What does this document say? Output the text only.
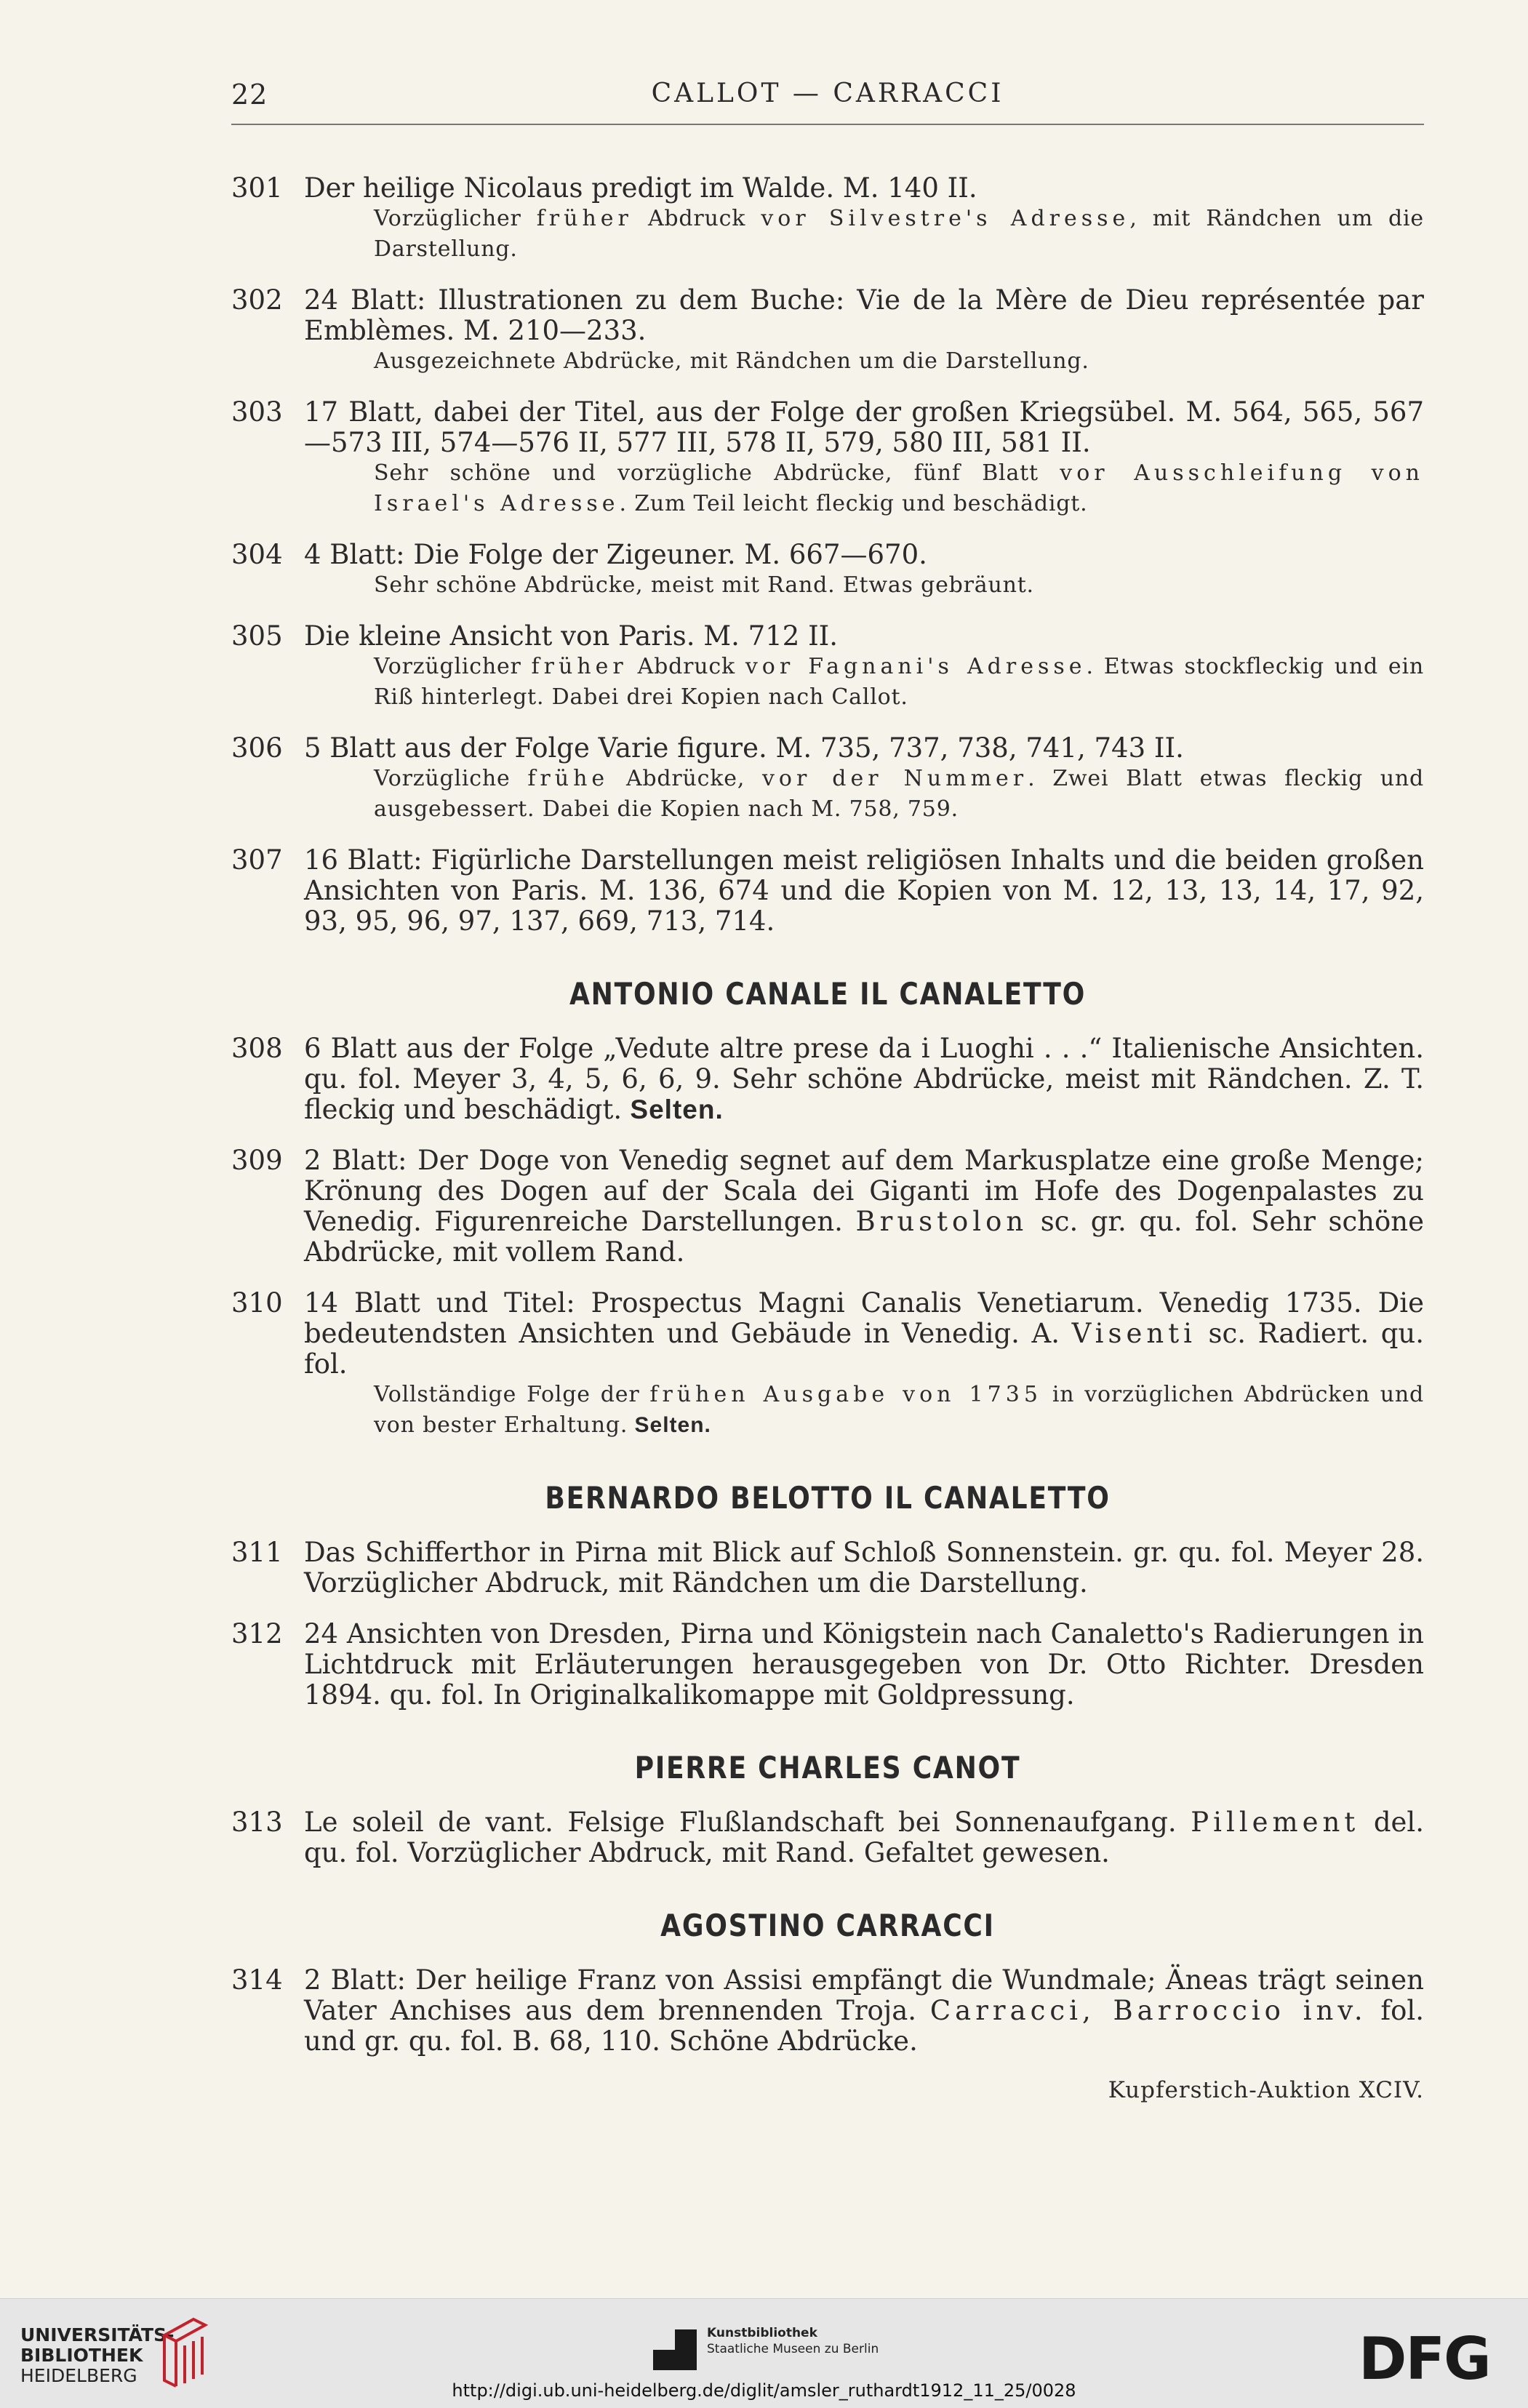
22	CALLOT — CARRACCI
301 Der heilige Nicolaus predigt im Walde. M. 140 II.
Vorzüglicher früher Abdruck vor Silvestre's Adresse, mit Rändchen um die Darstellung.
302 24 Blatt: Illustrationen zu dem Buche: Vie de la Mère de Dieu représentée par Emblèmes. M. 210—233.
Ausgezeichnete Abdrücke, mit Rändchen um die Darstellung.
303 17 Blatt, dabei der Titel, aus der Folge der großen Kriegsübel. M. 564, 565, 567—573 III, 574—576 II, 577 III, 578 II, 579, 580 III, 581 II.
Sehr schöne und vorzügliche Abdrücke, fünf Blatt vor Ausschleifung von Israel's Adresse. Zum Teil leicht fleckig und beschädigt.
304 4 Blatt: Die Folge der Zigeuner. M. 667—670.
Sehr schöne Abdrücke, meist mit Rand. Etwas gebräunt.
305 Die kleine Ansicht von Paris. M. 712 II.
Vorzüglicher früher Abdruck vor Fagnani's Adresse. Etwas stockfleckig und ein Riß hinterlegt. Dabei drei Kopien nach Callot.
306 5 Blatt aus der Folge Varie figure. M. 735, 737, 738, 741, 743 II.
Vorzügliche frühe Abdrücke, vor der Nummer. Zwei Blatt etwas fleckig und ausgebessert. Dabei die Kopien nach M. 758, 759.
307 16 Blatt: Figürliche Darstellungen meist religiösen Inhalts und die beiden großen Ansichten von Paris. M. 136, 674 und die Kopien von M. 12, 13, 13, 14, 17, 92, 93, 95, 96, 97, 137, 669, 713, 714.
ANTONIO CANALE IL CANALETTO
308 6 Blatt aus der Folge „Vedute altre prese da i Luoghi . . .“ Italienische Ansichten. qu. fol. Meyer 3, 4, 5, 6, 6, 9. Sehr schöne Abdrücke, meist mit Rändchen. Z. T. fleckig und beschädigt. Selten.
309 2 Blatt: Der Doge von Venedig segnet auf dem Markusplatze eine große Menge; Krönung des Dogen auf der Scala dei Giganti im Hofe des Dogenpalastes zu Venedig. Figurenreiche Darstellungen. Brustolon sc. gr. qu. fol. Sehr schöne Abdrücke, mit vollem Rand.
310 14 Blatt und Titel: Prospectus Magni Canalis Venetiarum. Venedig 1735. Die bedeutendsten Ansichten und Gebäude in Venedig. A. Visenti sc. Radiert. qu. fol.
Vollständige Folge der frühen Ausgabe von 1735 in vorzüglichen Abdrücken und von bester Erhaltung. Selten.
BERNARDO BELOTTO IL CANALETTO
311 Das Schifferthor in Pirna mit Blick auf Schloß Sonnenstein. gr. qu. fol. Meyer 28. Vorzüglicher Abdruck, mit Rändchen um die Darstellung.
312 24 Ansichten von Dresden, Pirna und Königstein nach Canaletto's Radierungen in Lichtdruck mit Erläuterungen herausgegeben von Dr. Otto Richter. Dresden 1894. qu. fol. In Originalkalikomappe mit Goldpressung.
PIERRE CHARLES CANOT
313 Le soleil de vant. Felsige Flußlandschaft bei Sonnenaufgang. Pillement del. qu. fol. Vorzüglicher Abdruck, mit Rand. Gefaltet gewesen.
AGOSTINO CARRACCI
314 2 Blatt: Der heilige Franz von Assisi empfängt die Wundmale; Äneas trägt seinen Vater Anchises aus dem brennenden Troja. Carracci, Barroccio inv. fol. und gr. qu. fol. B. 68, 110. Schöne Abdrücke.
Kupferstich-Auktion XCIV.
UNIVERSITÄTS-
BIBLIOTHEK
HEIDELBERG
Kunstbibliothek
Staatliche Museen zu Berlin	DFG
http://digi.ub.uni-heidelberg.de/diglit/amsler_ruthardt1912_11_25/0028
